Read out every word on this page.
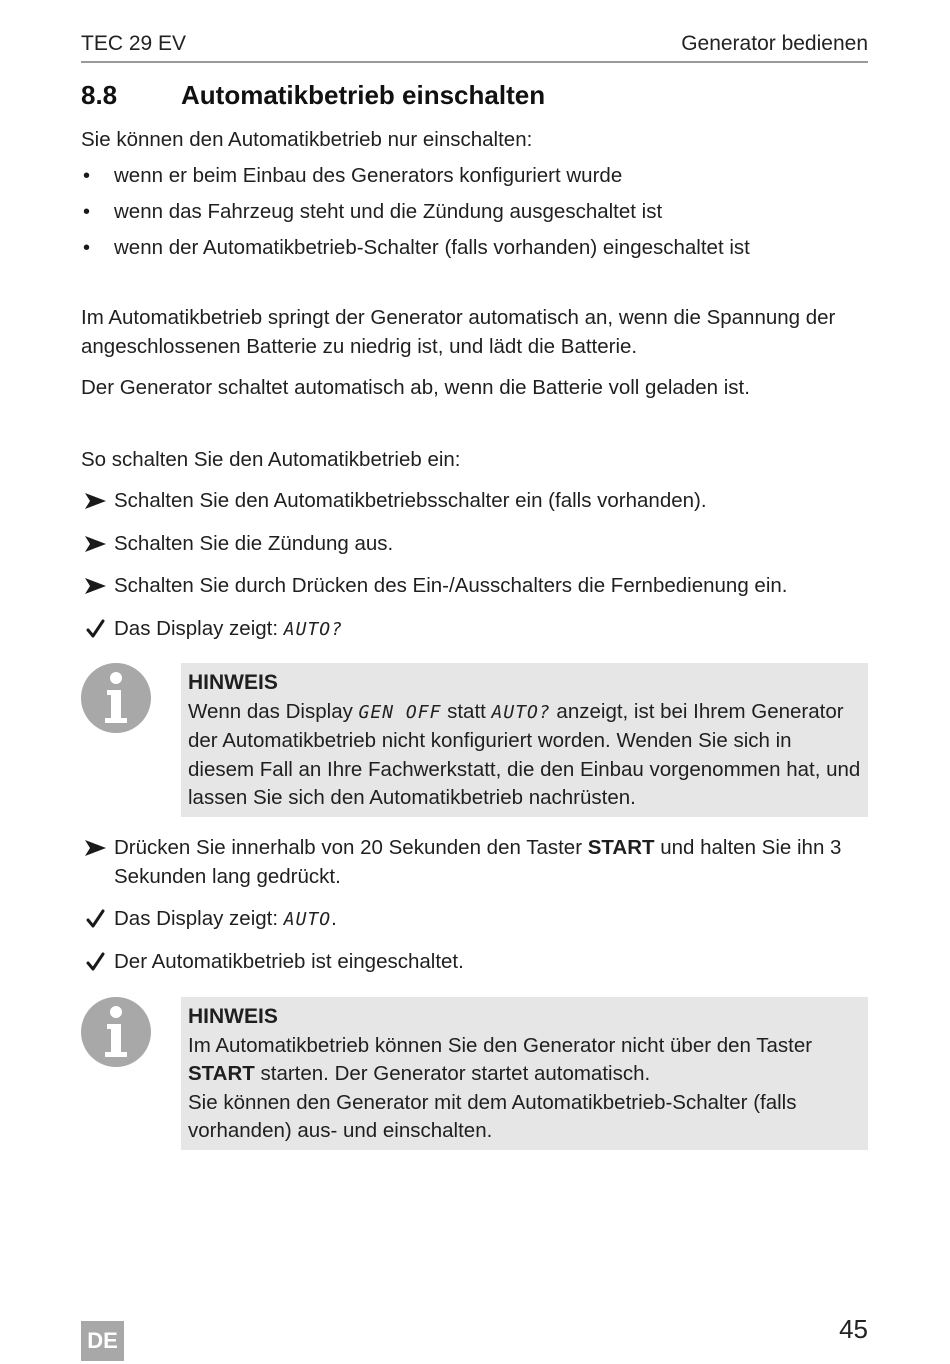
TEC 29 EV	Generator bedienen
8.8 Automatikbetrieb einschalten
Sie können den Automatikbetrieb nur einschalten:
•	wenn er beim Einbau des Generators konfiguriert wurde
•	wenn das Fahrzeug steht und die Zündung ausgeschaltet ist
•	wenn der Automatikbetrieb-Schalter (falls vorhanden) eingeschaltet ist
Im Automatikbetrieb springt der Generator automatisch an, wenn die Spannung der angeschlossenen Batterie zu niedrig ist, und lädt die Batterie.
Der Generator schaltet automatisch ab, wenn die Batterie voll geladen ist.
So schalten Sie den Automatikbetrieb ein:
Schalten Sie den Automatikbetriebsschalter ein (falls vorhanden).
Schalten Sie die Zündung aus.
Schalten Sie durch Drücken des Ein-/Ausschalters die Fernbedienung ein.
Das Display zeigt: AUTO?
HINWEIS
Wenn das Display GEN OFF statt AUTO? anzeigt, ist bei Ihrem Generator der Automatikbetrieb nicht konfiguriert worden. Wenden Sie sich in diesem Fall an Ihre Fachwerkstatt, die den Einbau vorgenommen hat, und lassen Sie sich den Automatikbetrieb nachrüsten.
Drücken Sie innerhalb von 20 Sekunden den Taster START und halten Sie ihn 3 Sekunden lang gedrückt.
Das Display zeigt: AUTO.
Der Automatikbetrieb ist eingeschaltet.
HINWEIS
Im Automatikbetrieb können Sie den Generator nicht über den Taster START starten. Der Generator startet automatisch.
Sie können den Generator mit dem Automatikbetrieb-Schalter (falls vorhanden) aus- und einschalten.
DE	45
